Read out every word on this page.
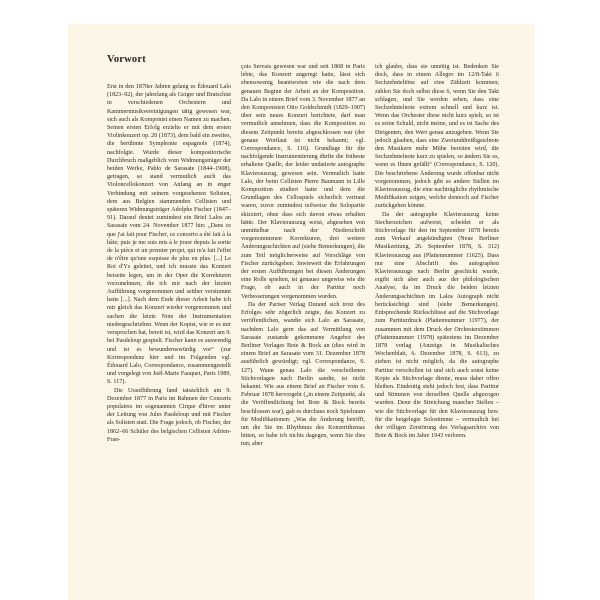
Vorwort

Erst in den 1870er Jahren gelang es Édouard Lalo (1823–92), der jahrelang als Geiger und Bratschist in verschiedenen Orchestern und Kammermusikvereinigungen tätig gewesen war, sich auch als Komponist einen Namen zu machen. Seinen ersten Erfolg erzielte er mit dem ersten Violinkonzert op. 20 (1873), dem bald ein zweites, die berühmte Symphonie espagnole (1874), nachfolgte. Wurde dieser kompositorische Durchbruch maßgeblich vom Widmungsträger der beiden Werke, Pablo de Sarasate (1844–1908), getragen, so stand vermutlich auch das Violoncellokonzert von Anfang an in enger Verbindung mit seinem vorgesehenen Solisten, dem aus Belgien stammenden Cellisten und späteren Widmungsträger Adolphe Fischer (1847–91). Darauf deutet zumindest ein Brief Lalos an Sarasate vom 24. November 1877 hin: „Dans ce que j'ai fait pour Fischer, ce concerto a été fait à la hâte; puis je me suis mis à le jouer depuis la sortie de la pièce et un premier projet, qui m'a fait l'effet de n'être qu'une esquisse de plus en plus. [...] Le Roi d'Ys geleitet, und ich musste das Konzert beiseite legen, um in der Oper die Korrekturen vorzunehmen, die ich mir nach der letzten Aufführung vorgenommen und seither verstummt hatte [...]. Nach dem Ende dieser Arbeit habe ich mir gleich das Konzert wieder vorgenommen und suchen die letzte Note der Instrumentation niedergeschrieben. Wenn der Kopist, wie er es mir versprochen hat, bereit ist, wird das Konzert am 9. bei Pasdeloup gespielt. Fischer kann es auswendig und ist es bewundernswürdig vor“ (zur Korrespondenz hier und im Folgenden vgl. Édouard Lalo, Correspondance, zusammengestellt und vorgelegt von Joël-Marie Fauquet, Paris 1989, S. 117).

Die Uraufführung fand tatsächlich am 9. Dezember 1877 in Paris im Rahmen der Concerts populaires im sogenannten Cirque d'hiver unter der Leitung von Jules Pasdeloup und mit Fischer als Solisten statt. Die Frage jedoch, ob Fischer, der 1862–66 Schüler des belgischen Cellisten Adrien-Fran-

çois Servais gewesen war und seit 1868 in Paris lebte, das Konzert angeregt hatte, lässt sich ebensowenig beantworten wie die nach dem genauen Beginn der Arbeit an der Komposition. Da Lalo in einem Brief vom 3. November 1877 an den Komponisten Otto Goldschmidt (1829–1907) über sein neues Konzert berichtete, darf man vermutlich annehmen, dass die Komposition zu diesem Zeitpunkt bereits abgeschlossen war (der genaue Wortlaut ist nicht bekannt; vgl. Correspondance, S. 116). Grundlage für die nachfolgende Instrumentierung dürfte die früheste erhaltene Quelle, der leider undatierte autographe Klavierauszug, gewesen sein. Vermutlich hatte Lalo, der beim Cellisten Pierre Baumann in Lille Komposition studiert hatte und dem die Grundlagen des Cellospiels sicherlich vertraut waren, zuvor zumindest teilweise die Solopartie skizziert, ohne dass sich davon etwas erhalten hätte. Der Klavierauszug weist, abgesehen von unmittelbar nach der Niederschrift vorgenommenen Korrekturen, drei weitere Änderungsschichten auf (siehe Bemerkungen), die zum Teil möglicherweise auf Vorschläge von Fischer zurückgehen. Inwieweit die Erfahrungen der ersten Aufführungen bei diesen Änderungen eine Rolle spielten, ist genauso ungewiss wie die Frage, ob auch in der Partitur noch Verbesserungen vorgenommen wurden.

Da der Pariser Verlag Durand sich trotz des Erfolges sehr zögerlich zeigte, das Konzert zu veröffentlichen, wandte sich Lalo an Sarasate, nachdem Lalo gern das auf Vermittlung von Sarasate zustande gekommene Angebot des Berliner Verlages Bote & Bock an (dies wird in einem Brief an Sarasate vom 31. Dezember 1878 ausführlich gewürdigt; vgl. Correspondance, S. 127). Wann genau Lalo die verschollenen Stichvorlagen nach Berlin sandte, ist nicht bekannt. Wie aus einem Brief an Fischer vom 6. Februar 1878 hervorgeht („in einem Zeitpunkt, als die Veröffentlichung bei Bote & Bock bereits beschlossen war), gab es durchaus noch Spielraum für Modifikationen: „Was die Änderung betrifft, um die Sie im Rhythmus des Konzertthemas bitten, so habe ich nichts dagegen, wenn Sie dies tun; aber

ich glaube, dass sie unnötig ist. Bedenken Sie doch, dass in einem Allegro im 12/8-Takt 6 Sechzehnteltöne auf eine Zählzeit kommen; zählen Sie doch selbst diese 6, wenn Sie den Takt schlagen, und Sie werden sehen, dass eine Sechzehntelnote extrem schnell und kurz ist. Wenn das Orchester diese nicht kurz spielt, so ist es seine Schuld, nicht meine, und es ist Sache des Dirigenten, den Wert genau anzugeben. Wenn Sie jedoch glauben, dass eine Zweiunddreißigstelnote den Musikern mehr Mühe bereiten wird, die Sechzehntelnote kurz zu spielen, so ändern Sie es, wenn es Ihnen gefällt“ (Correspondance, S. 120). Die beschriebene Änderung wurde offenbar nicht vorgenommen, jedoch gibt es andere Stellen im Klavierauszug, die eine nachträgliche rhythmische Modifikation zeigen, welche dennoch auf Fischer zurückgehen könnte.

Da der autographe Klavierauszug keine Stecherzeichen aufweist, scheidet er als Stichvorlage für den im September 1878 bereits zum Verkauf angekündigten (Neue Berliner Musikzeitung, 26. September 1878, S. 312) Klavierauszug aus (Plattennummer 11623). Dass nur eine Abschrift des autographen Klavierauszugs nach Berlin geschickt wurde, ergibt sich aber auch aus der philologischen Analyse, da im Druck die beiden letzten Änderungsschichten im Lalos Autograph nicht berücksichtigt sind (siehe Bemerkungen). Entsprechende Rückschlüsse auf die Stichvorlage zum Partiturdruck (Plattennummer 11977), der zusammen mit dem Druck der Orchesterstimmen (Plattennummer 11978) spätestens im Dezember 1878 vorlag (Anzeige in Musikalisches Wochenblatt, 6. Dezember 1878, S. 613), zu ziehen ist nicht möglich, da die autographe Partitur verschollen ist und sich auch sonst keine Kopie als Stichvorlage diente, muss daher offen bleiben. Eindeutig steht jedoch fest, dass Partitur und Stimmen von derselben Quelle abgezogen wurden. Denn die Streichung mancher Stellen – wie die Stichvorlage für den Klavierauszug bzw. für die beigelegte Solostimme – vermutlich bei der völligen Zerstörung des Verlagsarchivs von Bote & Bock im Jahre 1943 verloren.
